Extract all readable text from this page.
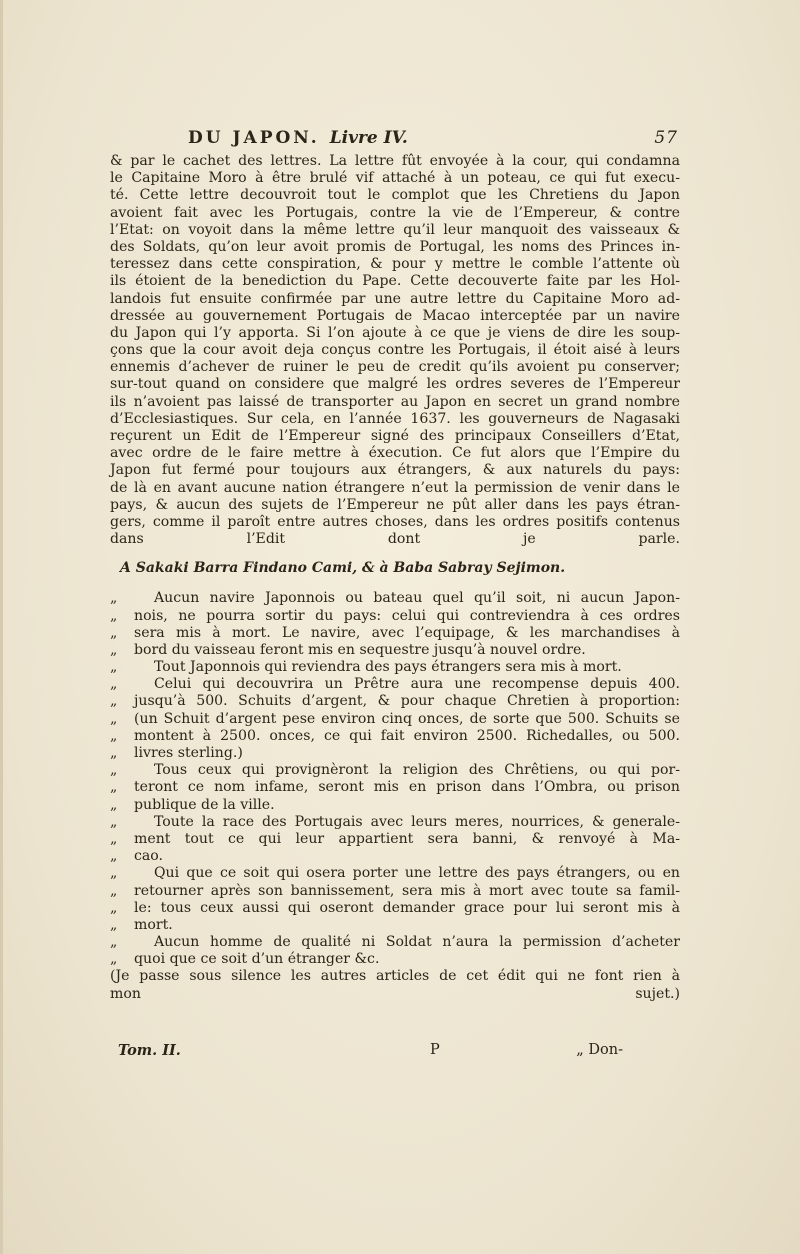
DU JAPON. Livre IV.	57
& par le cachet des lettres. La lettre fût envoyée à la cour, qui condamna
le Capitaine Moro à être brulé vif attaché à un poteau, ce qui fut execu-
té. Cette lettre decouvroit tout le complot que les Chretiens du Japon
avoient fait avec les Portugais, contre la vie de l’Empereur, & contre
l’Etat: on voyoit dans la même lettre qu’il leur manquoit des vaisseaux &
des Soldats, qu’on leur avoit promis de Portugal, les noms des Princes in-
teressez dans cette conspiration, & pour y mettre le comble l’attente où
ils étoient de la benediction du Pape. Cette decouverte faite par les Hol-
landois fut ensuite confirmée par une autre lettre du Capitaine Moro ad-
dressée au gouvernement Portugais de Macao interceptée par un navire
du Japon qui l’y apporta. Si l’on ajoute à ce que je viens de dire les soup-
çons que la cour avoit deja conçus contre les Portugais, il étoit aisé à leurs
ennemis d’achever de ruiner le peu de credit qu’ils avoient pu conserver;
sur-tout quand on considere que malgré les ordres severes de l’Empereur
ils n’avoient pas laissé de transporter au Japon en secret un grand nombre
d’Ecclesiastiques. Sur cela, en l’année 1637. les gouverneurs de Nagasaki
reçurent un Edit de l’Empereur signé des principaux Conseillers d’Etat,
avec ordre de le faire mettre à éxecution. Ce fut alors que l’Empire du
Japon fut fermé pour toujours aux étrangers, & aux naturels du pays:
de là en avant aucune nation étrangere n’eut la permission de venir dans le
pays, & aucun des sujets de l’Empereur ne pût aller dans les pays étran-
gers, comme il paroît entre autres choses, dans les ordres positifs contenus
dans l’Edit dont je parle.
A Sakaki Barra Findano Cami, & à Baba Sabray Sejimon.
„	Aucun navire Japonnois ou bateau quel qu’il soit, ni aucun Japon-
„ nois, ne pourra sortir du pays: celui qui contreviendra à ces ordres
„ sera mis à mort. Le navire, avec l’equipage, & les marchandises à
„ bord du vaisseau feront mis en sequestre jusqu’à nouvel ordre.
„	Tout Japonnois qui reviendra des pays étrangers sera mis à mort.
„	Celui qui decouvrira un Prêtre aura une recompense depuis 400.
„ jusqu’à 500. Schuits d’argent, & pour chaque Chretien à proportion:
„ (un Schuit d’argent pese environ cinq onces, de sorte que 500. Schuits se
„ montent à 2500. onces, ce qui fait environ 2500. Richedalles, ou 500.
„ livres sterling.)
„	Tous ceux qui provignèront la religion des Chrêtiens, ou qui por-
„ teront ce nom infame, seront mis en prison dans l’Ombra, ou prison
„ publique de la ville.
„	Toute la race des Portugais avec leurs meres, nourrices, & generale-
„ ment tout ce qui leur appartient sera banni, & renvoyé à Ma-
„ cao.
„	Qui que ce soit qui osera porter une lettre des pays étrangers, ou en
„ retourner après son bannissement, sera mis à mort avec toute sa famil-
„ le: tous ceux aussi qui oseront demander grace pour lui seront mis à
„ mort.
„	Aucun homme de qualité ni Soldat n’aura la permission d’acheter
„ quoi que ce soit d’un étranger &c.
(Je passe sous silence les autres articles de cet édit qui ne font rien à
mon sujet.)
Tom. II.	P	„ Don-
